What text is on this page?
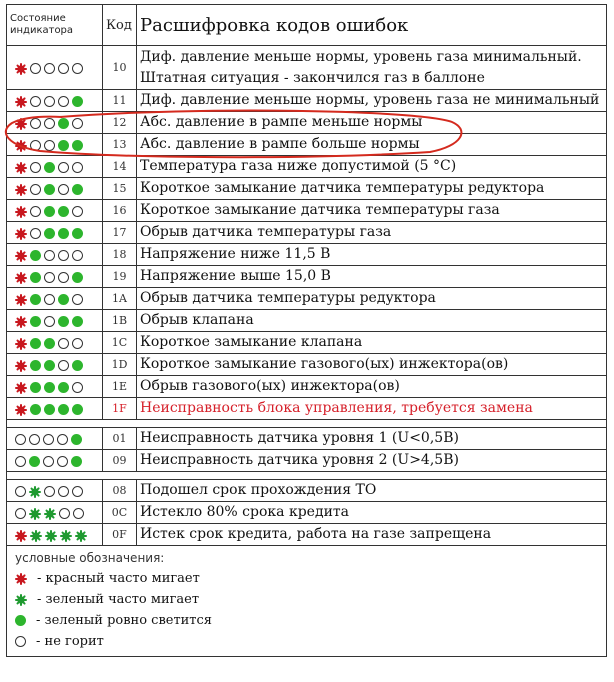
Состояние индикатора	Код	Расшифровка кодов ошибок

	10	Диф. давление меньше нормы, уровень газа минимальный. Штатная ситуация - закончился газ в баллоне

	11	Диф. давление меньше нормы, уровень газа не минимальный

	12	Абс. давление в рампе меньше нормы

	13	Абс. давление в рампе больше нормы

	14	Температура газа ниже допустимой (5 °С)

	15	Короткое замыкание датчика температуры редуктора

	16	Короткое замыкание датчика температуры газа

	17	Обрыв датчика температуры газа

	18	Напряжение ниже 11,5 В

	19	Напряжение выше 15,0 В

	1A	Обрыв датчика температуры редуктора

	1B	Обрыв клапана

	1C	Короткое замыкание клапана

	1D	Короткое замыкание газового(ых) инжектора(ов)

	1E	Обрыв газового(ых) инжектора(ов)

	1F	Неисправность блока управления, требуется замена

	01	Неисправность датчика уровня 1 (U<0,5В)
	09	Неисправность датчика уровня 2 (U>4,5В)

	08	Подошел срок прохождения ТО

	0C	Истекло 80% срока кредита

	0F	Истек срок кредита, работа на газе запрещена

условные обозначения:
- красный часто мигает
- зеленый часто мигает
- зеленый ровно светится
- не горит		
